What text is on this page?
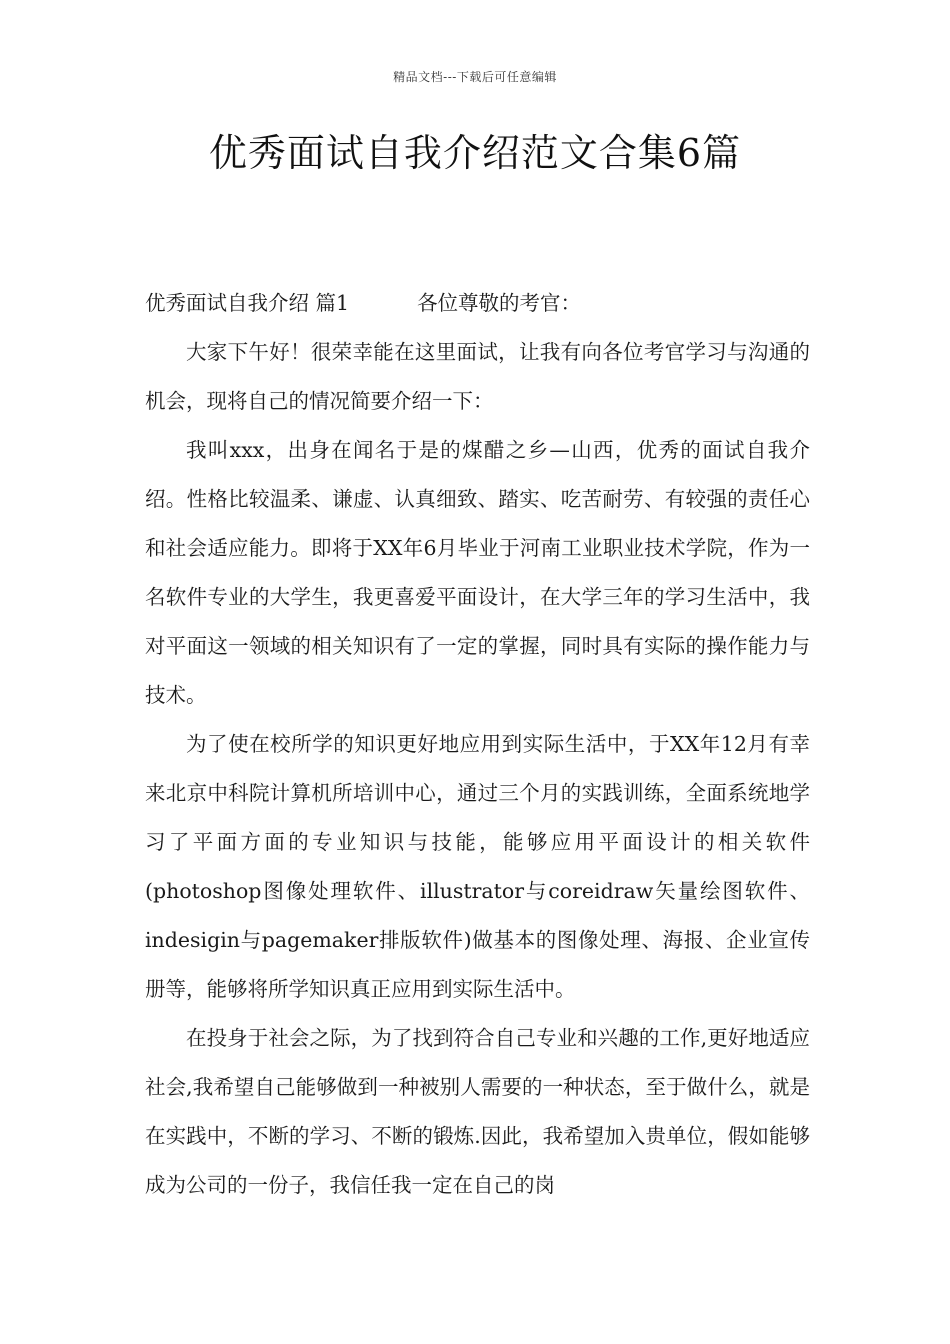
精品文档---下载后可任意编辑
优秀面试自我介绍范文合集6篇

优秀面试自我介绍 篇1	各位尊敬的考官：

大家下午好！很荣幸能在这里面试，让我有向各位考官学习与沟通的机会，现将自己的情况简要介绍一下：

我叫xxx，出身在闻名于是的煤醋之乡—山西，优秀的面试自我介绍。性格比较温柔、谦虚、认真细致、踏实、吃苦耐劳、有较强的责任心和社会适应能力。即将于XX年6月毕业于河南工业职业技术学院，作为一名软件专业的大学生，我更喜爱平面设计，在大学三年的学习生活中，我对平面这一领域的相关知识有了一定的掌握，同时具有实际的操作能力与技术。

为了使在校所学的知识更好地应用到实际生活中，于XX年12月有幸来北京中科院计算机所培训中心，通过三个月的实践训练，全面系统地学习了平面方面的专业知识与技能，能够应用平面设计的相关软件(photoshop图像处理软件、illustrator与coreidraw矢量绘图软件、indesigin与pagemaker排版软件)做基本的图像处理、海报、企业宣传册等，能够将所学知识真正应用到实际生活中。

在投身于社会之际，为了找到符合自己专业和兴趣的工作,更好地适应社会,我希望自己能够做到一种被别人需要的一种状态，至于做什么，就是在实践中，不断的学习、不断的锻炼.因此，我希望加入贵单位，假如能够成为公司的一份子，我信任我一定在自己的岗
